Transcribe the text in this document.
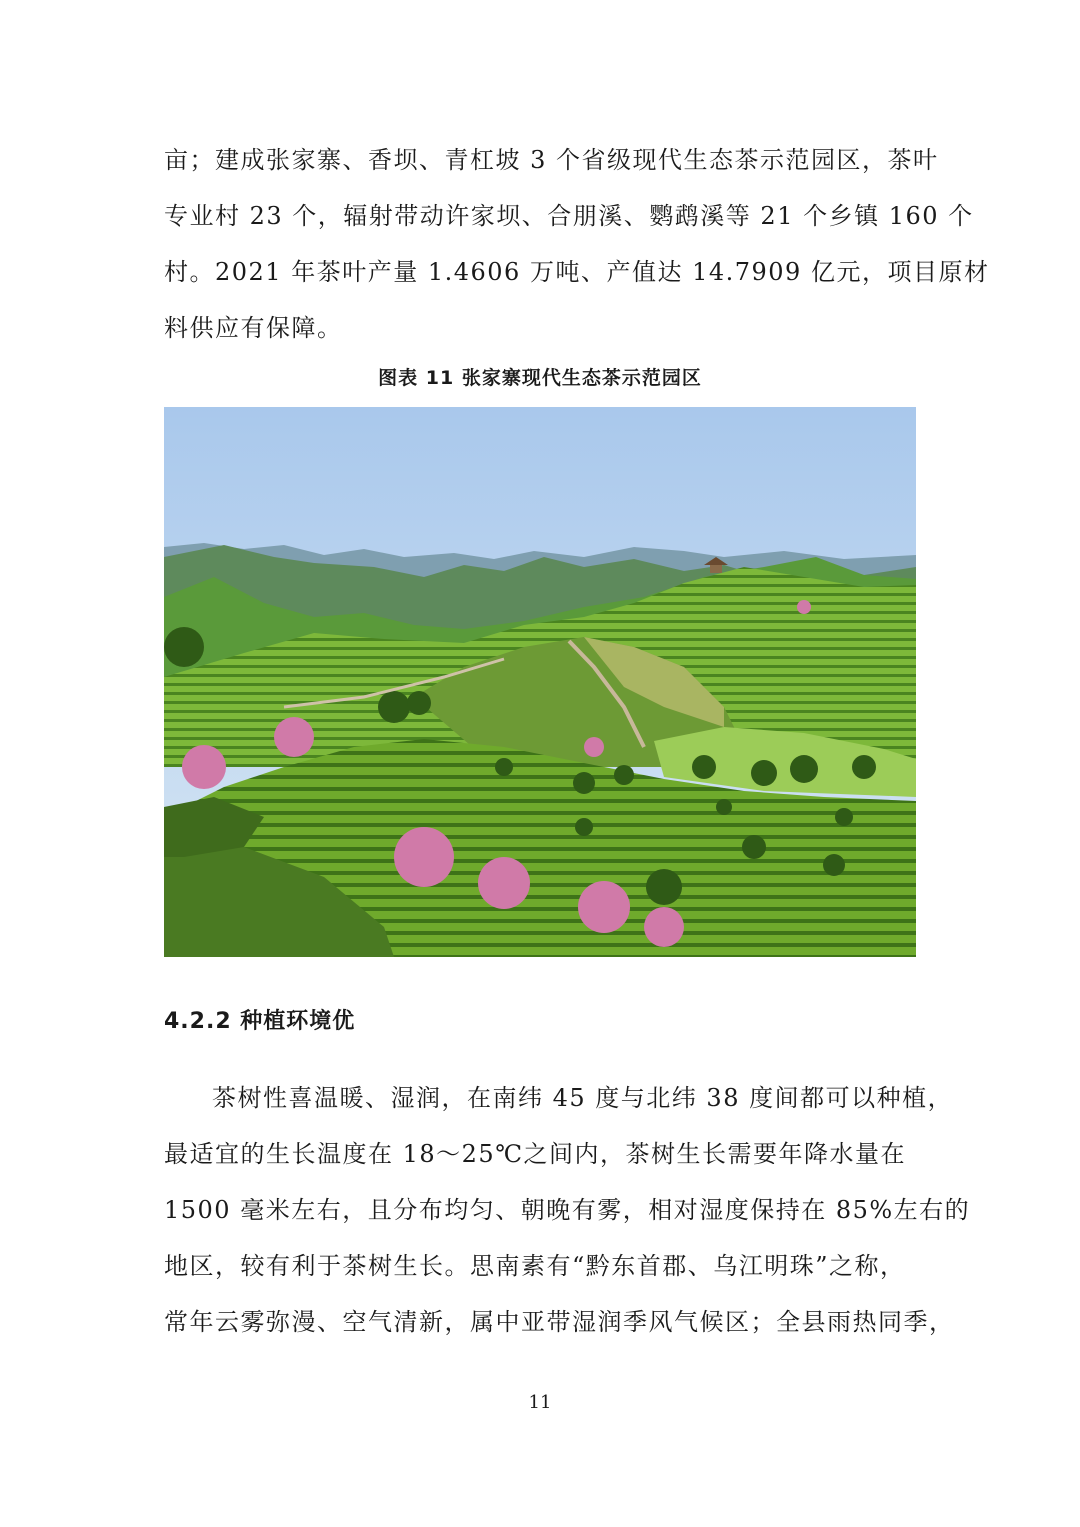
亩；建成张家寨、香坝、青杠坡 3 个省级现代生态茶示范园区，茶叶
专业村 23 个，辐射带动许家坝、合朋溪、鹦鹉溪等 21 个乡镇 160 个
村。2021 年茶叶产量 1.4606 万吨、产值达 14.7909 亿元，项目原材
料供应有保障。
图表 11 张家寨现代生态茶示范园区
4.2.2 种植环境优
茶树性喜温暖、湿润，在南纬 45 度与北纬 38 度间都可以种植，
最适宜的生长温度在 18～25℃之间内，茶树生长需要年降水量在
1500 毫米左右，且分布均匀、朝晚有雾，相对湿度保持在 85%左右的
地区，较有利于茶树生长。思南素有“黔东首郡、乌江明珠”之称，
常年云雾弥漫、空气清新，属中亚带湿润季风气候区；全县雨热同季，
11
